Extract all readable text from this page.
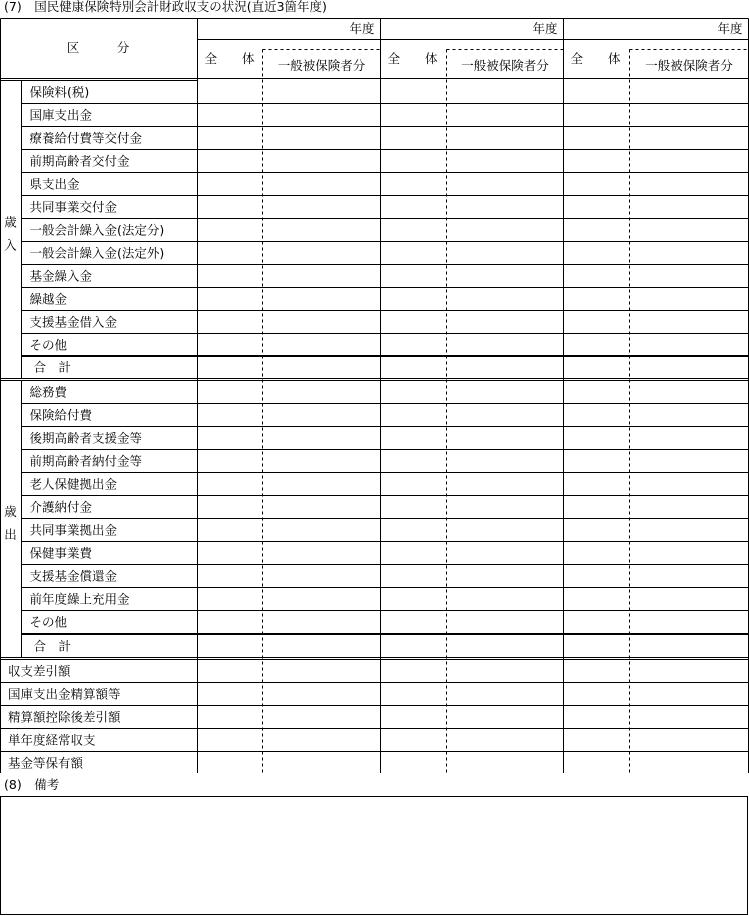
(7)　国民健康保険特別会計財政収支の状況(直近3箇年度)
区　　　分
年度
全　　体 一般被保険者分
年度
全　　体 一般被保険者分
年度
全　　体 一般被保険者分
保険料(税)
国庫支出金
療養給付費等交付金
前期高齢者交付金
県支出金
共同事業交付金
一般会計繰入金(法定分)
一般会計繰入金(法定外)
基金繰入金
繰越金
支援基金借入金
その他
合　計
歳
入
総務費
保険給付費
後期高齢者支援金等
前期高齢者納付金等
老人保健拠出金
介護納付金
共同事業拠出金
保健事業費
支援基金償還金
前年度繰上充用金
その他
合　計
歳
出
収支差引額
国庫支出金精算額等
精算額控除後差引額
単年度経常収支
基金等保有額
(8)　備考
